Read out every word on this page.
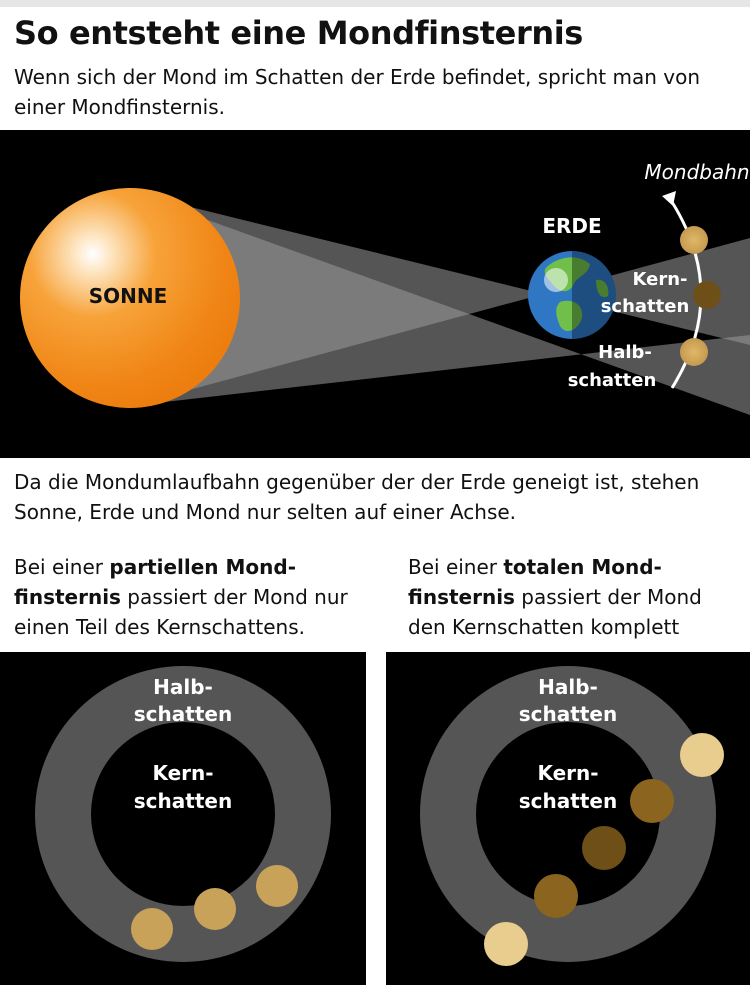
So entsteht eine Mondfinsternis
Wenn sich der Mond im Schatten der Erde befindet, spricht man von einer Mondfinsternis.
SONNE
ERDE
Mondbahn
Kern-
schatten
Halb-
schatten
Da die Mondumlaufbahn gegenüber der der Erde geneigt ist, stehen Sonne, Erde und Mond nur selten auf einer Achse.
Bei einer partiellen Mond-finsternis passiert der Mond nur einen Teil des Kernschattens.
Bei einer totalen Mond-finsternis passiert der Mond den Kernschatten komplett
Halb-
schatten
Kern-
schatten
Halb-
schatten
Kern-
schatten
